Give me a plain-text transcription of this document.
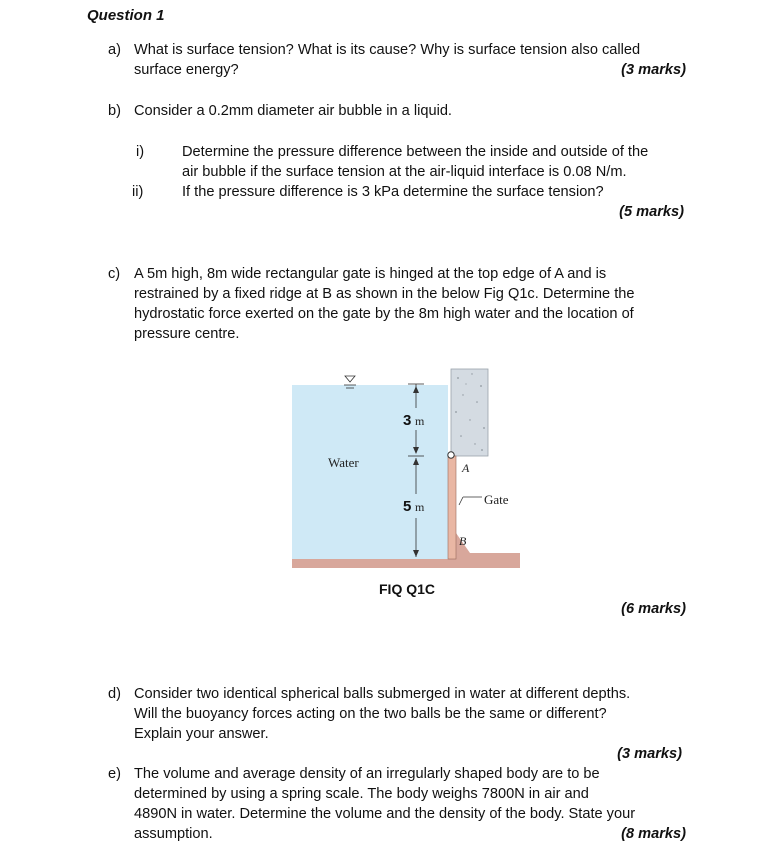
Question 1
a) What is surface tension? What is its cause? Why is surface tension also called
surface energy?	(3 marks)
b) Consider a 0.2mm diameter air bubble in a liquid.
i)	Determine the pressure difference between the inside and outside of the
air bubble if the surface tension at the air-liquid interface is 0.08 N/m.
ii)	If the pressure difference is 3 kPa determine the surface tension?
(5 marks)
c) A 5m high, 8m wide rectangular gate is hinged at the top edge of A and is
restrained by a fixed ridge at B as shown in the below Fig Q1c. Determine the
hydrostatic force exerted on the gate by the 8m high water and the location of
pressure centre.
Water
3 m
5 m	Gate
A
B
FIQ Q1C
(6 marks)
d) Consider two identical spherical balls submerged in water at different depths.
Will the buoyancy forces acting on the two balls be the same or different?
Explain your answer.
(3 marks)
e) The volume and average density of an irregularly shaped body are to be
determined by using a spring scale. The body weighs 7800N in air and
4890N in water. Determine the volume and the density of the body. State your
assumption.	(8 marks)
